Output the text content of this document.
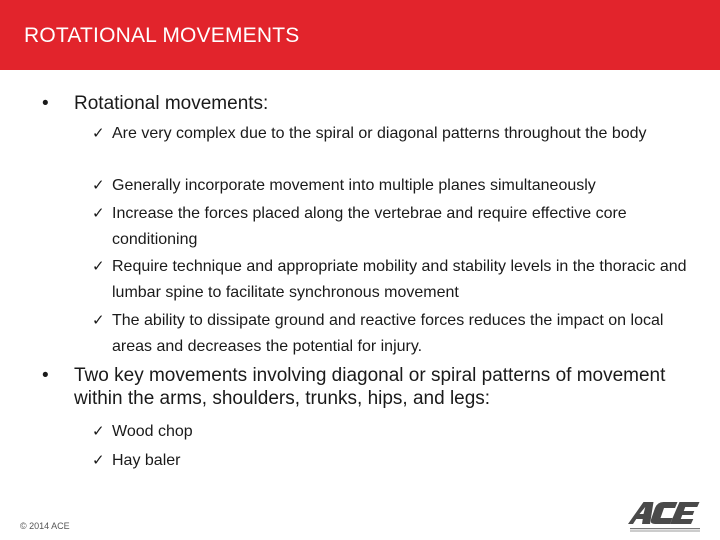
ROTATIONAL MOVEMENTS
• Rotational movements:
✓ Are very complex due to the spiral or diagonal patterns throughout the body
✓ Generally incorporate movement into multiple planes simultaneously
✓ Increase the forces placed along the vertebrae and require effective core conditioning
✓ Require technique and appropriate mobility and stability levels in the thoracic and lumbar spine to facilitate synchronous movement
✓ The ability to dissipate ground and reactive forces reduces the impact on local areas and decreases the potential for injury.
• Two key movements involving diagonal or spiral patterns of movement within the arms, shoulders, trunks, hips, and legs:
✓ Wood chop
✓ Hay baler
© 2014 ACE
